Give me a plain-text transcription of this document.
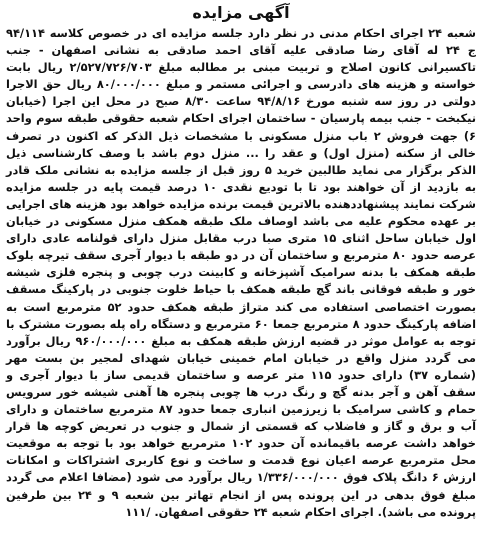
آگهی مزایده

شعبه ۲۴ اجرای احکام مدنی در نظر دارد جلسه مزایده ای در خصوص کلاسه ۹۴/۱۱۴ ج ۲۴ له آقای رضا صادقی علیه آقای احمد صادقی به نشانی اصفهان - جنب تاکسیرانی کانون اصلاح و تربیت مبنی بر مطالبه مبلغ ۲/۵۲۷/۷۲۶/۷۰۳ ریال بابت خواسته و هزینه های دادرسی و اجرائی مستمر و مبلغ ۸۰/۰۰۰/۰۰۰ ریال حق الاجرا دولتی در روز سه شنبه مورخ ۹۴/۸/۱۶ ساعت ۸/۳۰ صبح در محل این اجرا (خیابان نیکبخت - جنب بیمه پارسیان - ساختمان اجرای احکام شعبه حقوقی طبقه سوم واحد ۶) جهت فروش ۲ باب منزل مسکونی با مشخصات ذیل الذکر که اکنون در تصرف خالی از سکنه (منزل اول) و عقد را ... منزل دوم باشد با وصف کارشناسی ذیل الذکر برگزار می نماید طالبین خرید ۵ روز قبل از جلسه مزایده به نشانی ملک قادر به بازدید از آن خواهند بود تا با تودیع نقدی ۱۰ درصد قیمت پایه در جلسه مزایده شرکت نمایند پیشنهاددهنده بالاترین قیمت برنده مزایده خواهد بود هزینه های اجرایی بر عهده محکوم علیه می باشد اوصاف ملک طبقه همکف منزل مسکونی در خیابان اول خیابان ساحل اثنای ۱۵ متری صبا درب مقابل منزل دارای قولنامه عادی دارای عرصه حدود ۸۰ مترمربع و ساختمان آن در دو طبقه با دیوار آجری سقف تیرچه بلوک طبقه همکف با بدنه سرامیک آشپزخانه و کابینت درب چوبی و پنجره فلزی شیشه خور و طبقه فوقانی باند گچ طبقه همکف با حیاط خلوت جنوبی در پارکینگ مسقف بصورت اختصاصی استفاده می کند متراژ طبقه همکف حدود ۵۲ مترمربع است به اضافه پارکینگ حدود ۸ مترمربع جمعا ۶۰ مترمربع و دستگاه راه پله بصورت مشترک با توجه به عوامل موثر در قضیه ارزش طبقه همکف به مبلغ ۹۶۰/۰۰۰/۰۰۰ ریال برآورد می گردد منزل واقع در خیابان امام خمینی خیابان شهدای لمجیر بن بست مهر (شماره ۳۷) دارای حدود ۱۱۵ متر عرصه و ساختمان قدیمی ساز با دیوار آجری و سقف آهن و آجر بدنه گچ و رنگ درب ها چوبی پنجره ها آهنی شیشه خور سرویس حمام و کاشی سرامیک با زیرزمین انباری جمعا حدود ۸۷ مترمربع ساختمان و دارای آب و برق و گاز و فاضلاب که قسمتی از شمال و جنوب در تعریض کوچه ها قرار خواهد داشت عرصه باقیمانده آن حدود ۱۰۲ مترمربع خواهد بود با توجه به موقعیت محل مترمربع عرصه اعیان نوع قدمت و ساخت و نوع کاربری اشتراکات و امکانات ارزش ۶ دانگ پلاک فوق ۱/۳۳۶/۰۰۰/۰۰۰ ریال برآورد می شود (مضافا اعلام می گردد مبلغ فوق بدهی در این پرونده پس از انجام تهاتر بین شعبه ۹ و ۲۴ بین طرفین پرونده می باشد). اجرای احکام شعبه ۲۴ حقوقی اصفهان. /۱۱۱
